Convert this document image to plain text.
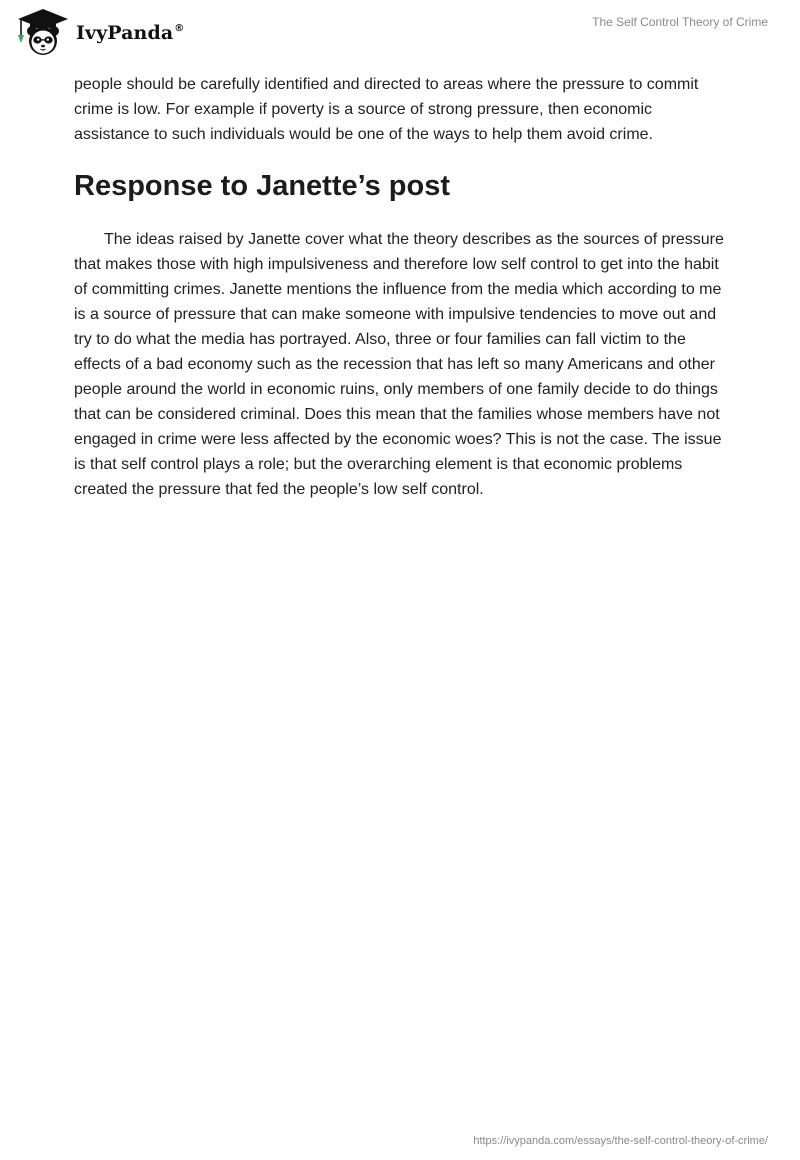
IvyPanda®	The Self Control Theory of Crime

people should be carefully identified and directed to areas where the pressure to commit crime is low. For example if poverty is a source of strong pressure, then economic assistance to such individuals would be one of the ways to help them avoid crime.

Response to Janette’s post

The ideas raised by Janette cover what the theory describes as the sources of pressure that makes those with high impulsiveness and therefore low self control to get into the habit of committing crimes. Janette mentions the influence from the media which according to me is a source of pressure that can make someone with impulsive tendencies to move out and try to do what the media has portrayed. Also, three or four families can fall victim to the effects of a bad economy such as the recession that has left so many Americans and other people around the world in economic ruins, only members of one family decide to do things that can be considered criminal. Does this mean that the families whose members have not engaged in crime were less affected by the economic woes? This is not the case. The issue is that self control plays a role; but the overarching element is that economic problems created the pressure that fed the people’s low self control.

https://ivypanda.com/essays/the-self-control-theory-of-crime/
